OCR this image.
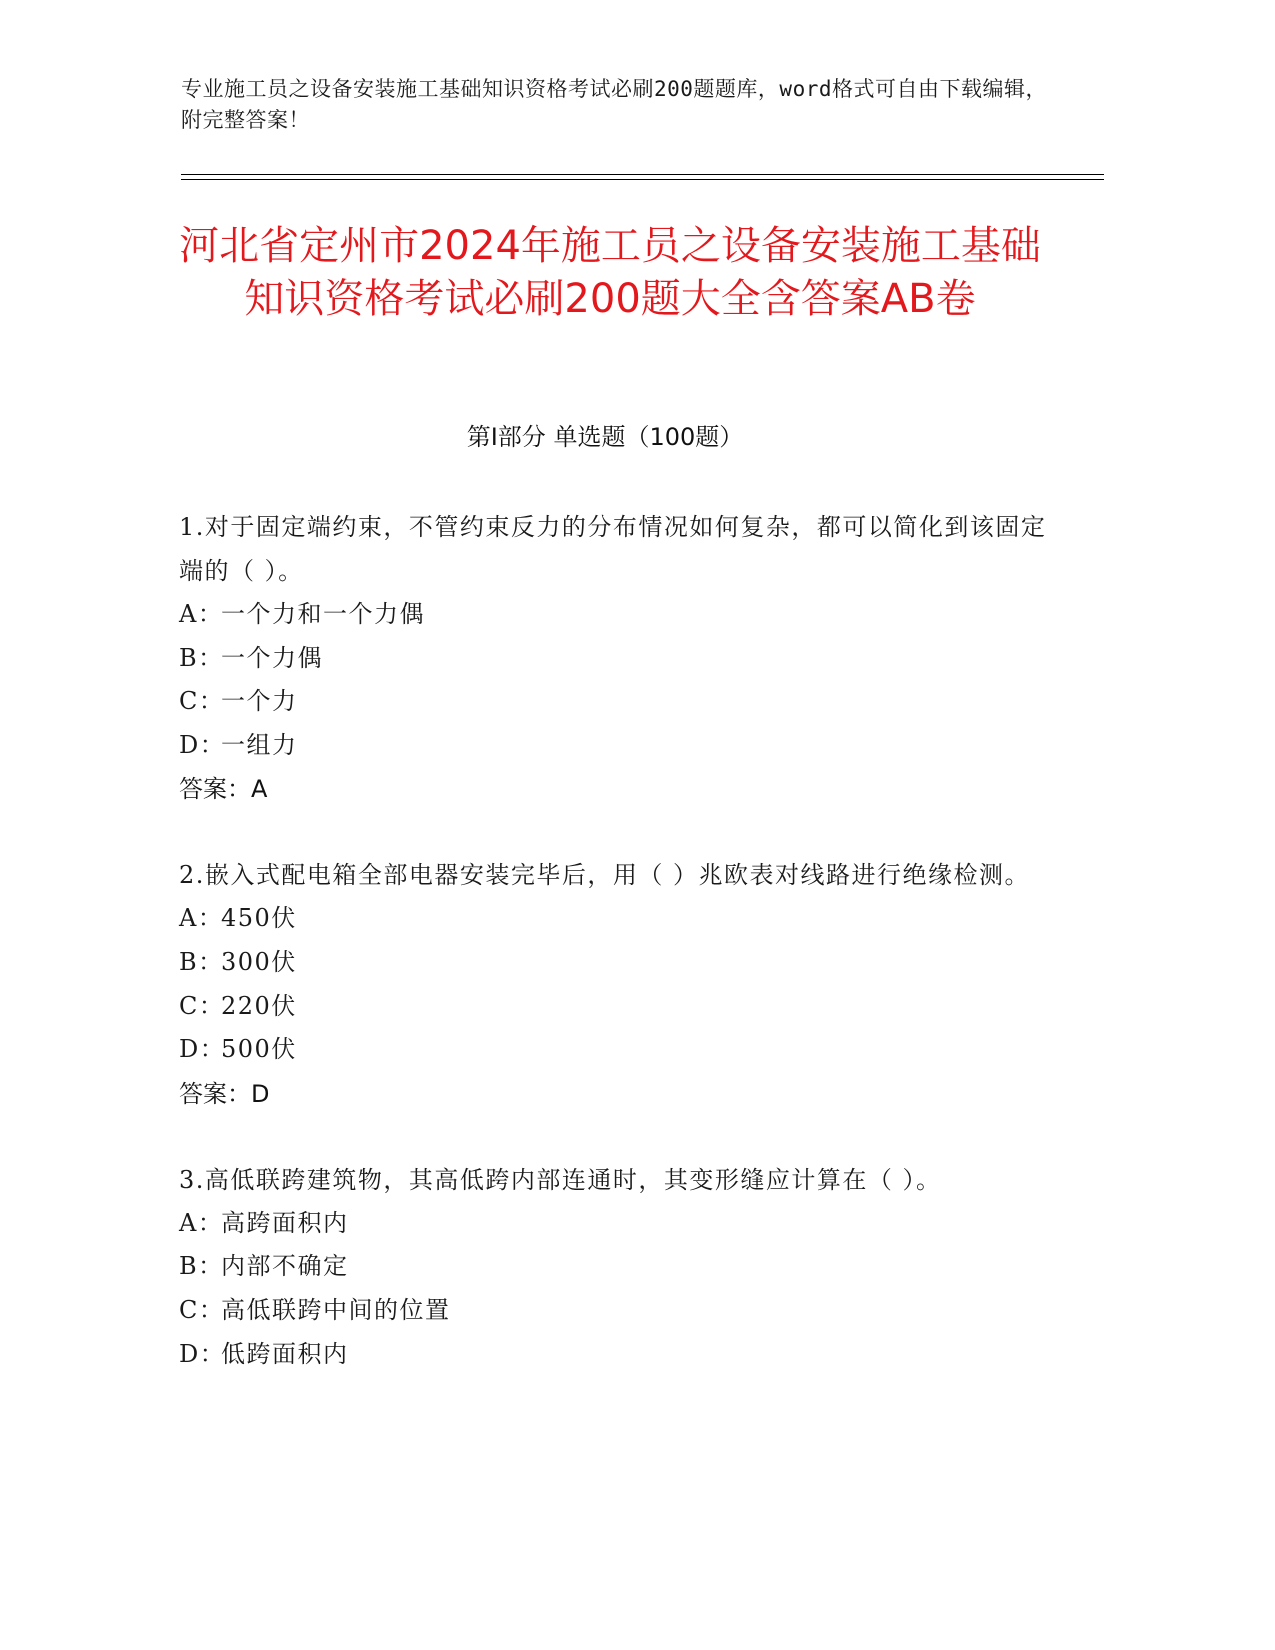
专业施工员之设备安装施工基础知识资格考试必刷200题题库，word格式可自由下载编辑，附完整答案！
河北省定州市2024年施工员之设备安装施工基础知识资格考试必刷200题大全含答案AB卷
第Ⅰ部分 单选题（100题）
1.对于固定端约束，不管约束反力的分布情况如何复杂，都可以简化到该固定端的（ ）。
A：一个力和一个力偶
B：一个力偶
C：一个力
D：一组力
答案：A
2.嵌入式配电箱全部电器安装完毕后，用（ ）兆欧表对线路进行绝缘检测。
A：450伏
B：300伏
C：220伏
D：500伏
答案：D
3.高低联跨建筑物，其高低跨内部连通时，其变形缝应计算在（ ）。
A：高跨面积内
B：内部不确定
C：高低联跨中间的位置
D：低跨面积内
